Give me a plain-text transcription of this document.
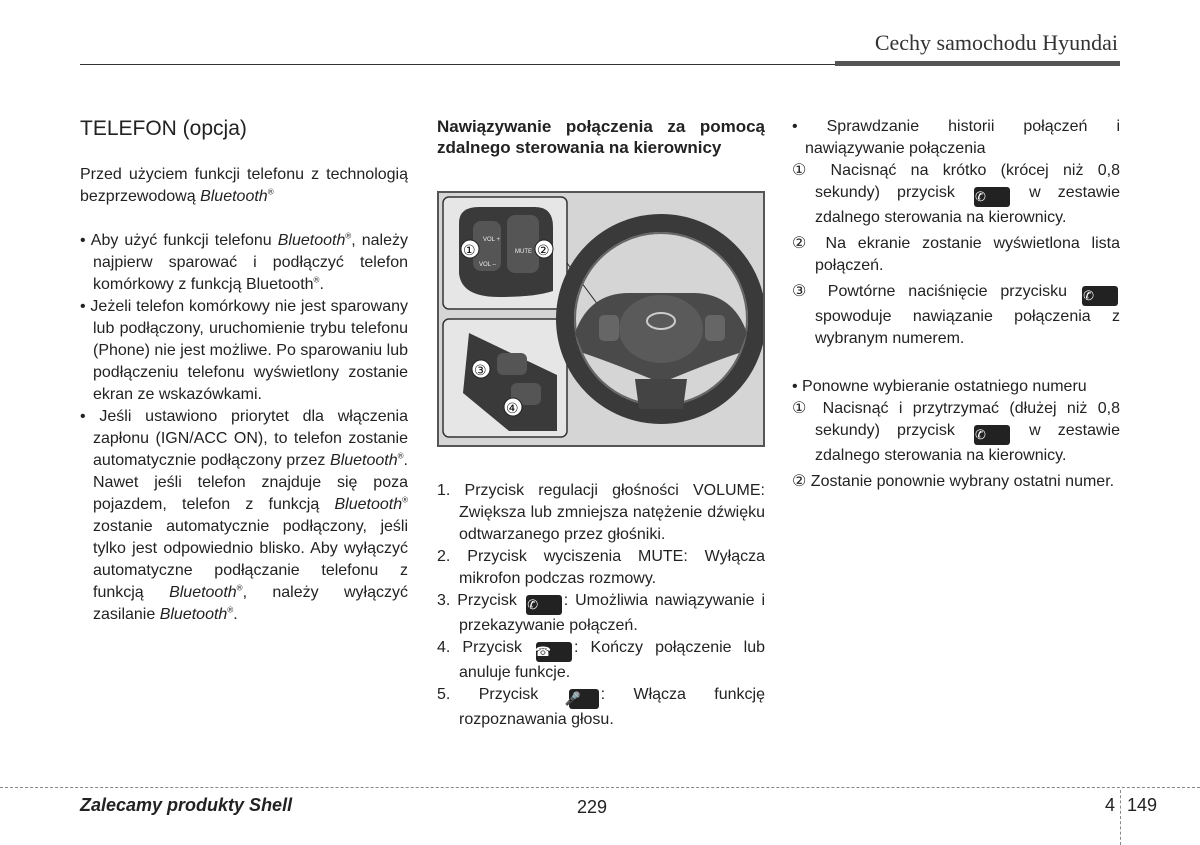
Cechy samochodu Hyundai
TELEFON (opcja)

Przed użyciem funkcji telefonu z technologią bezprzewodową Bluetooth®

• Aby użyć funkcji telefonu Bluetooth®, należy najpierw sparować i podłączyć telefon komórkowy z funkcją Bluetooth®.

• Jeżeli telefon komórkowy nie jest sparowany lub podłączony, uruchomienie trybu telefonu (Phone) nie jest możliwe. Po sparowaniu lub podłączeniu telefonu wyświetlony zostanie ekran ze wskazówkami.

• Jeśli ustawiono priorytet dla włączenia zapłonu (IGN/ACC ON), to telefon zostanie automatycznie podłączony przez Bluetooth®. Nawet jeśli telefon znajduje się poza pojazdem, telefon z funkcją Bluetooth® zostanie automatycznie podłączony, jeśli tylko jest odpowiednio blisko. Aby wyłączyć automatyczne podłączanie telefonu z funkcją Bluetooth®, należy wyłączyć zasilanie Bluetooth®.

Nawiązywanie połączenia za pomocą zdalnego sterowania na kierownicy
VOL +
VOL –
MUTE
①	②
③
④
1. Przycisk regulacji głośności VOLUME: Zwiększa lub zmniejsza natężenie dźwięku odtwarzanego przez głośniki.
2. Przycisk wyciszenia MUTE: Wyłącza mikrofon podczas rozmowy.
3. Przycisk ✆ : Umożliwia nawiązywanie i przekazywanie połączeń.
4. Przycisk ☎ : Kończy połączenie lub anuluje funkcje.
5. Przycisk 🎤 : Włącza funkcję rozpoznawania głosu.

• Sprawdzanie historii połączeń i nawiązywanie połączenia

① Nacisnąć na krótko (krócej niż 0,8 sekundy) przycisk ✆ w zestawie zdalnego sterowania na kierownicy.

② Na ekranie zostanie wyświetlona lista połączeń.

③ Powtórne naciśnięcie przycisku ✆ spowoduje nawiązanie połączenia z wybranym numerem.

• Ponowne wybieranie ostatniego numeru

① Nacisnąć i przytrzymać (dłużej niż 0,8 sekundy) przycisk ✆ w zestawie zdalnego sterowania na kierownicy.

② Zostanie ponownie wybrany ostatni numer.

Zalecamy produkty Shell	229	4 149
